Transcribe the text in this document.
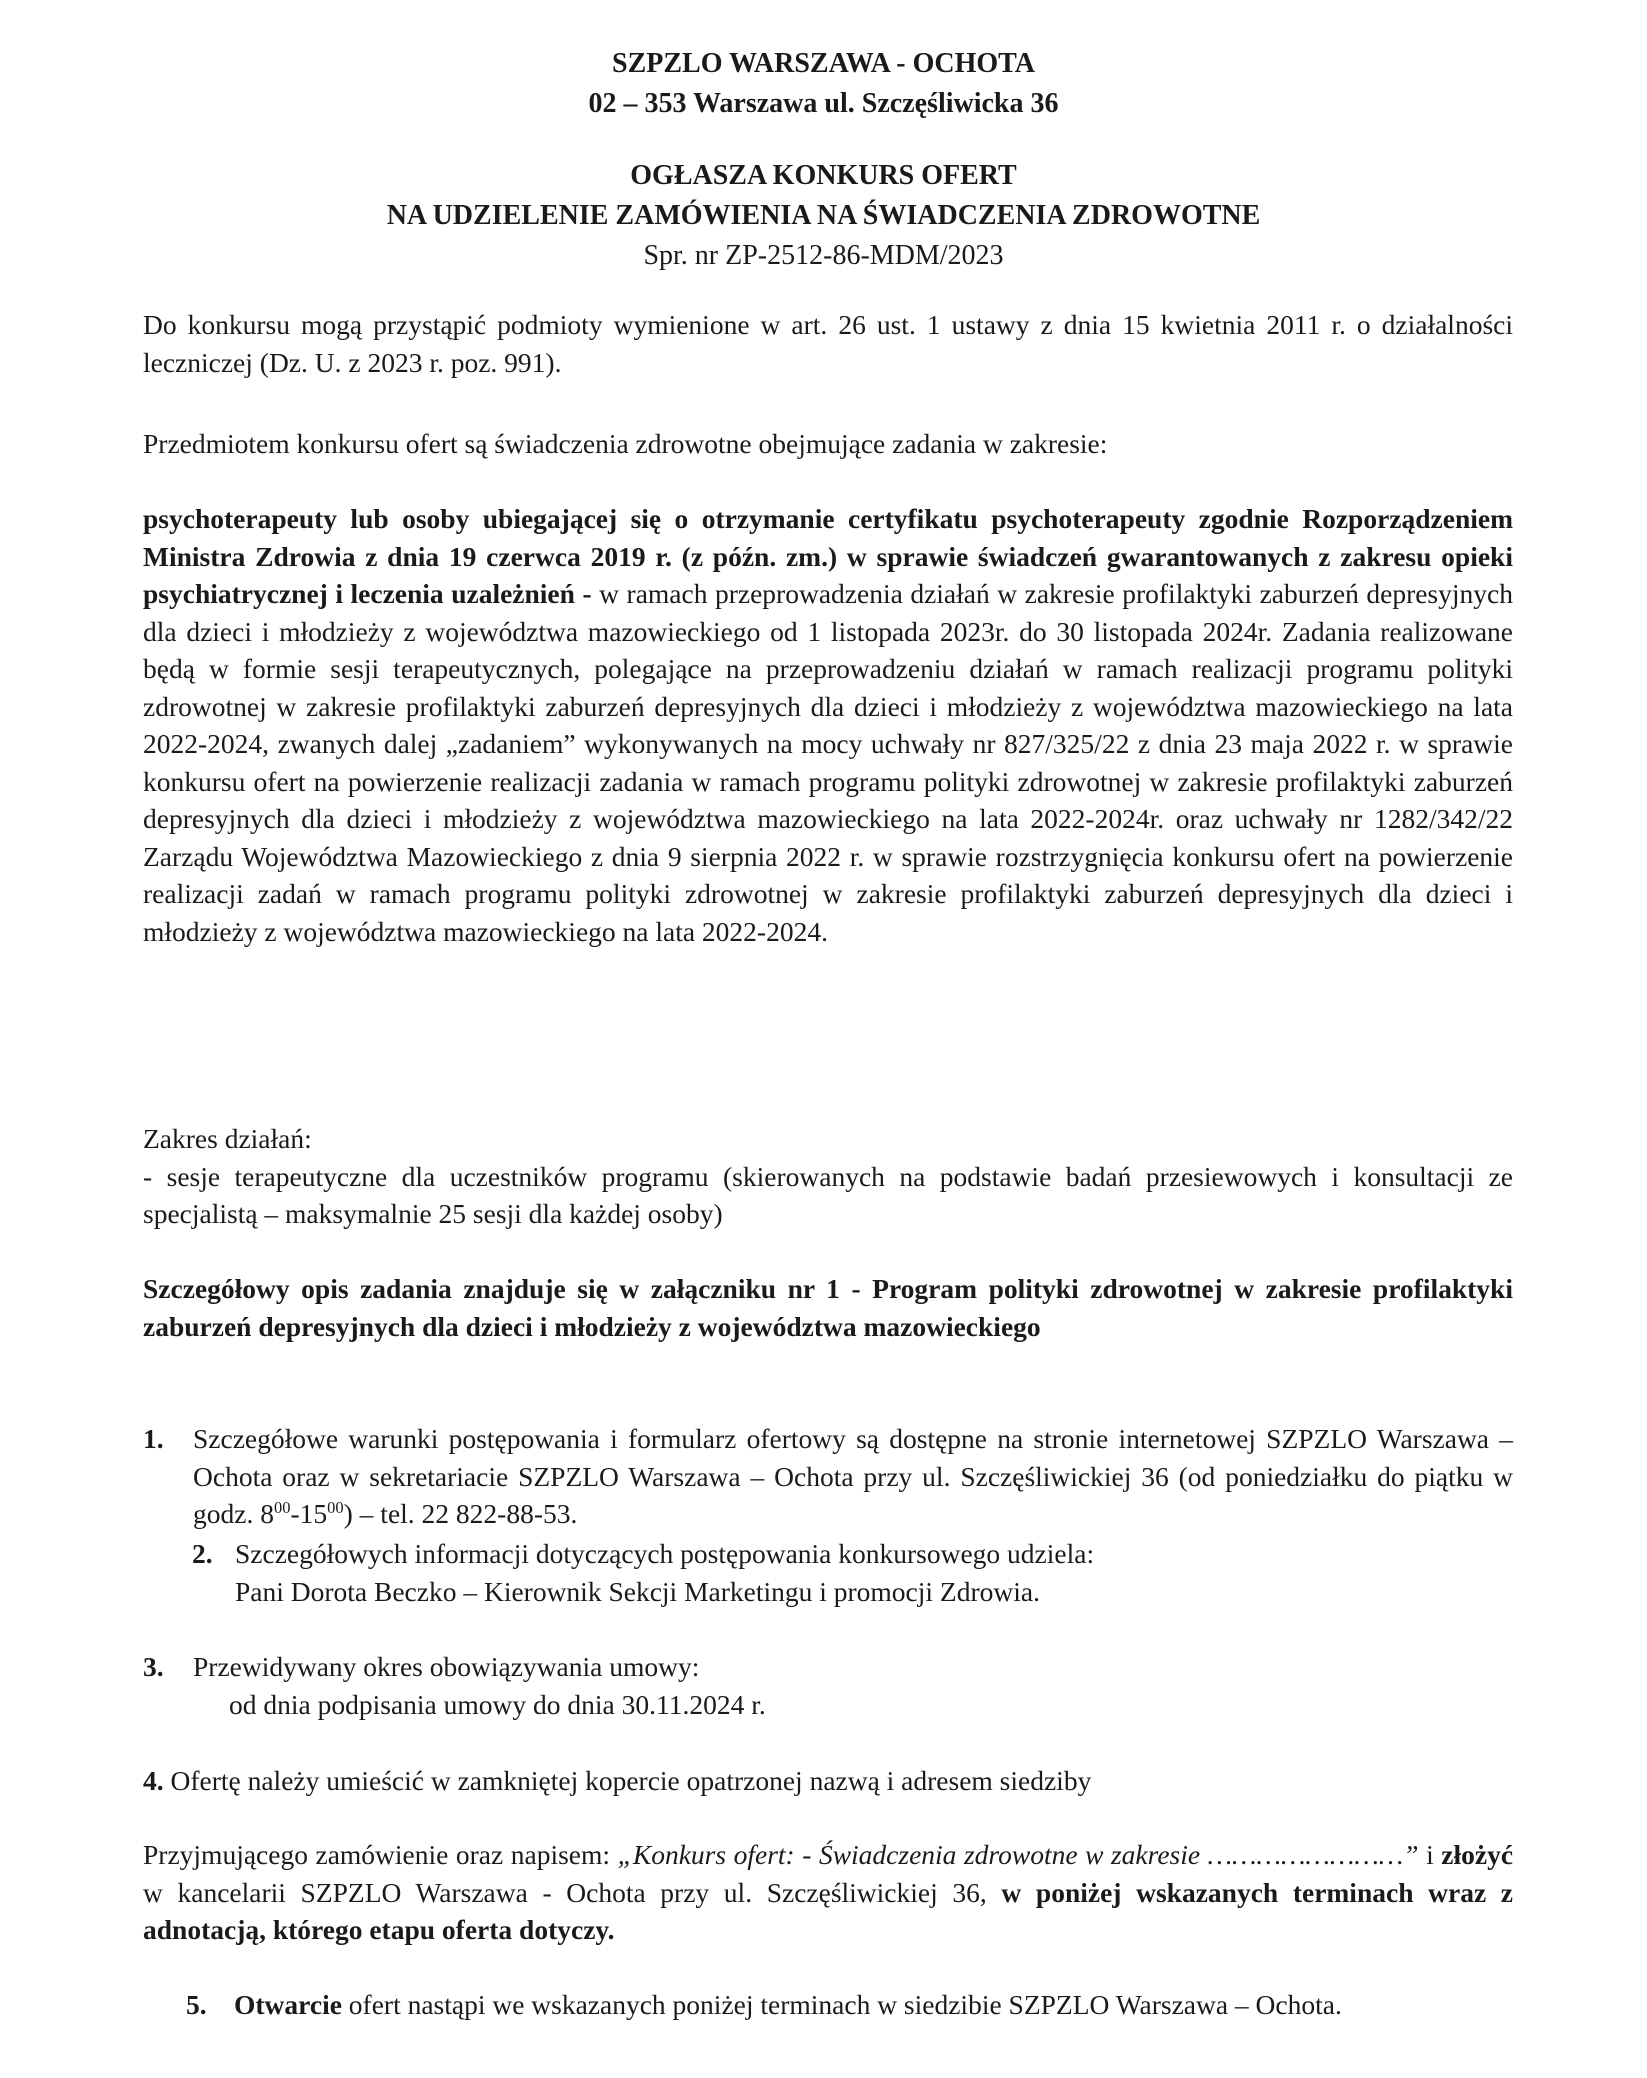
SZPZLO WARSZAWA - OCHOTA
02 – 353 Warszawa ul. Szczęśliwicka 36
OGŁASZA KONKURS OFERT
NA UDZIELENIE ZAMÓWIENIA NA ŚWIADCZENIA ZDROWOTNE
Spr. nr ZP-2512-86-MDM/2023
Do konkursu mogą przystąpić podmioty wymienione w art. 26 ust. 1 ustawy z dnia 15 kwietnia 2011 r. o działalności leczniczej (Dz. U. z 2023 r. poz. 991).
Przedmiotem konkursu ofert są świadczenia zdrowotne obejmujące zadania w zakresie:
psychoterapeuty lub osoby ubiegającej się o otrzymanie certyfikatu psychoterapeuty zgodnie Rozporządzeniem Ministra Zdrowia z dnia 19 czerwca 2019 r. (z późn. zm.) w sprawie świadczeń gwarantowanych z zakresu opieki psychiatrycznej i leczenia uzależnień - w ramach przeprowadzenia działań w zakresie profilaktyki zaburzeń depresyjnych dla dzieci i młodzieży z województwa mazowieckiego od 1 listopada 2023r. do 30 listopada 2024r. Zadania realizowane będą w formie sesji terapeutycznych, polegające na przeprowadzeniu działań w ramach realizacji programu polityki zdrowotnej w zakresie profilaktyki zaburzeń depresyjnych dla dzieci i młodzieży z województwa mazowieckiego na lata 2022-2024, zwanych dalej „zadaniem” wykonywanych na mocy uchwały nr 827/325/22 z dnia 23 maja 2022 r. w sprawie konkursu ofert na powierzenie realizacji zadania w ramach programu polityki zdrowotnej w zakresie profilaktyki zaburzeń depresyjnych dla dzieci i młodzieży z województwa mazowieckiego na lata 2022-2024r. oraz uchwały nr 1282/342/22 Zarządu Województwa Mazowieckiego z dnia 9 sierpnia 2022 r. w sprawie rozstrzygnięcia konkursu ofert na powierzenie realizacji zadań w ramach programu polityki zdrowotnej w zakresie profilaktyki zaburzeń depresyjnych dla dzieci i młodzieży z województwa mazowieckiego na lata 2022-2024.
Zakres działań:
- sesje terapeutyczne dla uczestników programu (skierowanych na podstawie badań przesiewowych i konsultacji ze specjalistą – maksymalnie 25 sesji dla każdej osoby)
Szczegółowy opis zadania znajduje się w załączniku nr 1 - Program polityki zdrowotnej w zakresie profilaktyki zaburzeń depresyjnych dla dzieci i młodzieży z województwa mazowieckiego
1. Szczegółowe warunki postępowania i formularz ofertowy są dostępne na stronie internetowej SZPZLO Warszawa – Ochota oraz w sekretariacie SZPZLO Warszawa – Ochota przy ul. Szczęśliwickiej 36 (od poniedziałku do piątku w godz. $8^{00}-15^{00}$) – tel. 22 822-88-53.
2. Szczegółowych informacji dotyczących postępowania konkursowego udziela:
Pani Dorota Beczko – Kierownik Sekcji Marketingu i promocji Zdrowia.
3. Przewidywany okres obowiązywania umowy:
od dnia podpisania umowy do dnia 30.11.2024 r.
4. Ofertę należy umieścić w zamkniętej kopercie opatrzonej nazwą i adresem siedziby
Przyjmującego zamówienie oraz napisem: „Konkurs ofert: - Świadczenia zdrowotne w zakresie ……………………” i złożyć w kancelarii SZPZLO Warszawa - Ochota przy ul. Szczęśliwickiej 36, w poniżej wskazanych terminach wraz z adnotacją, którego etapu oferta dotyczy.
5. Otwarcie ofert nastąpi we wskazanych poniżej terminach w siedzibie SZPZLO Warszawa – Ochota.
